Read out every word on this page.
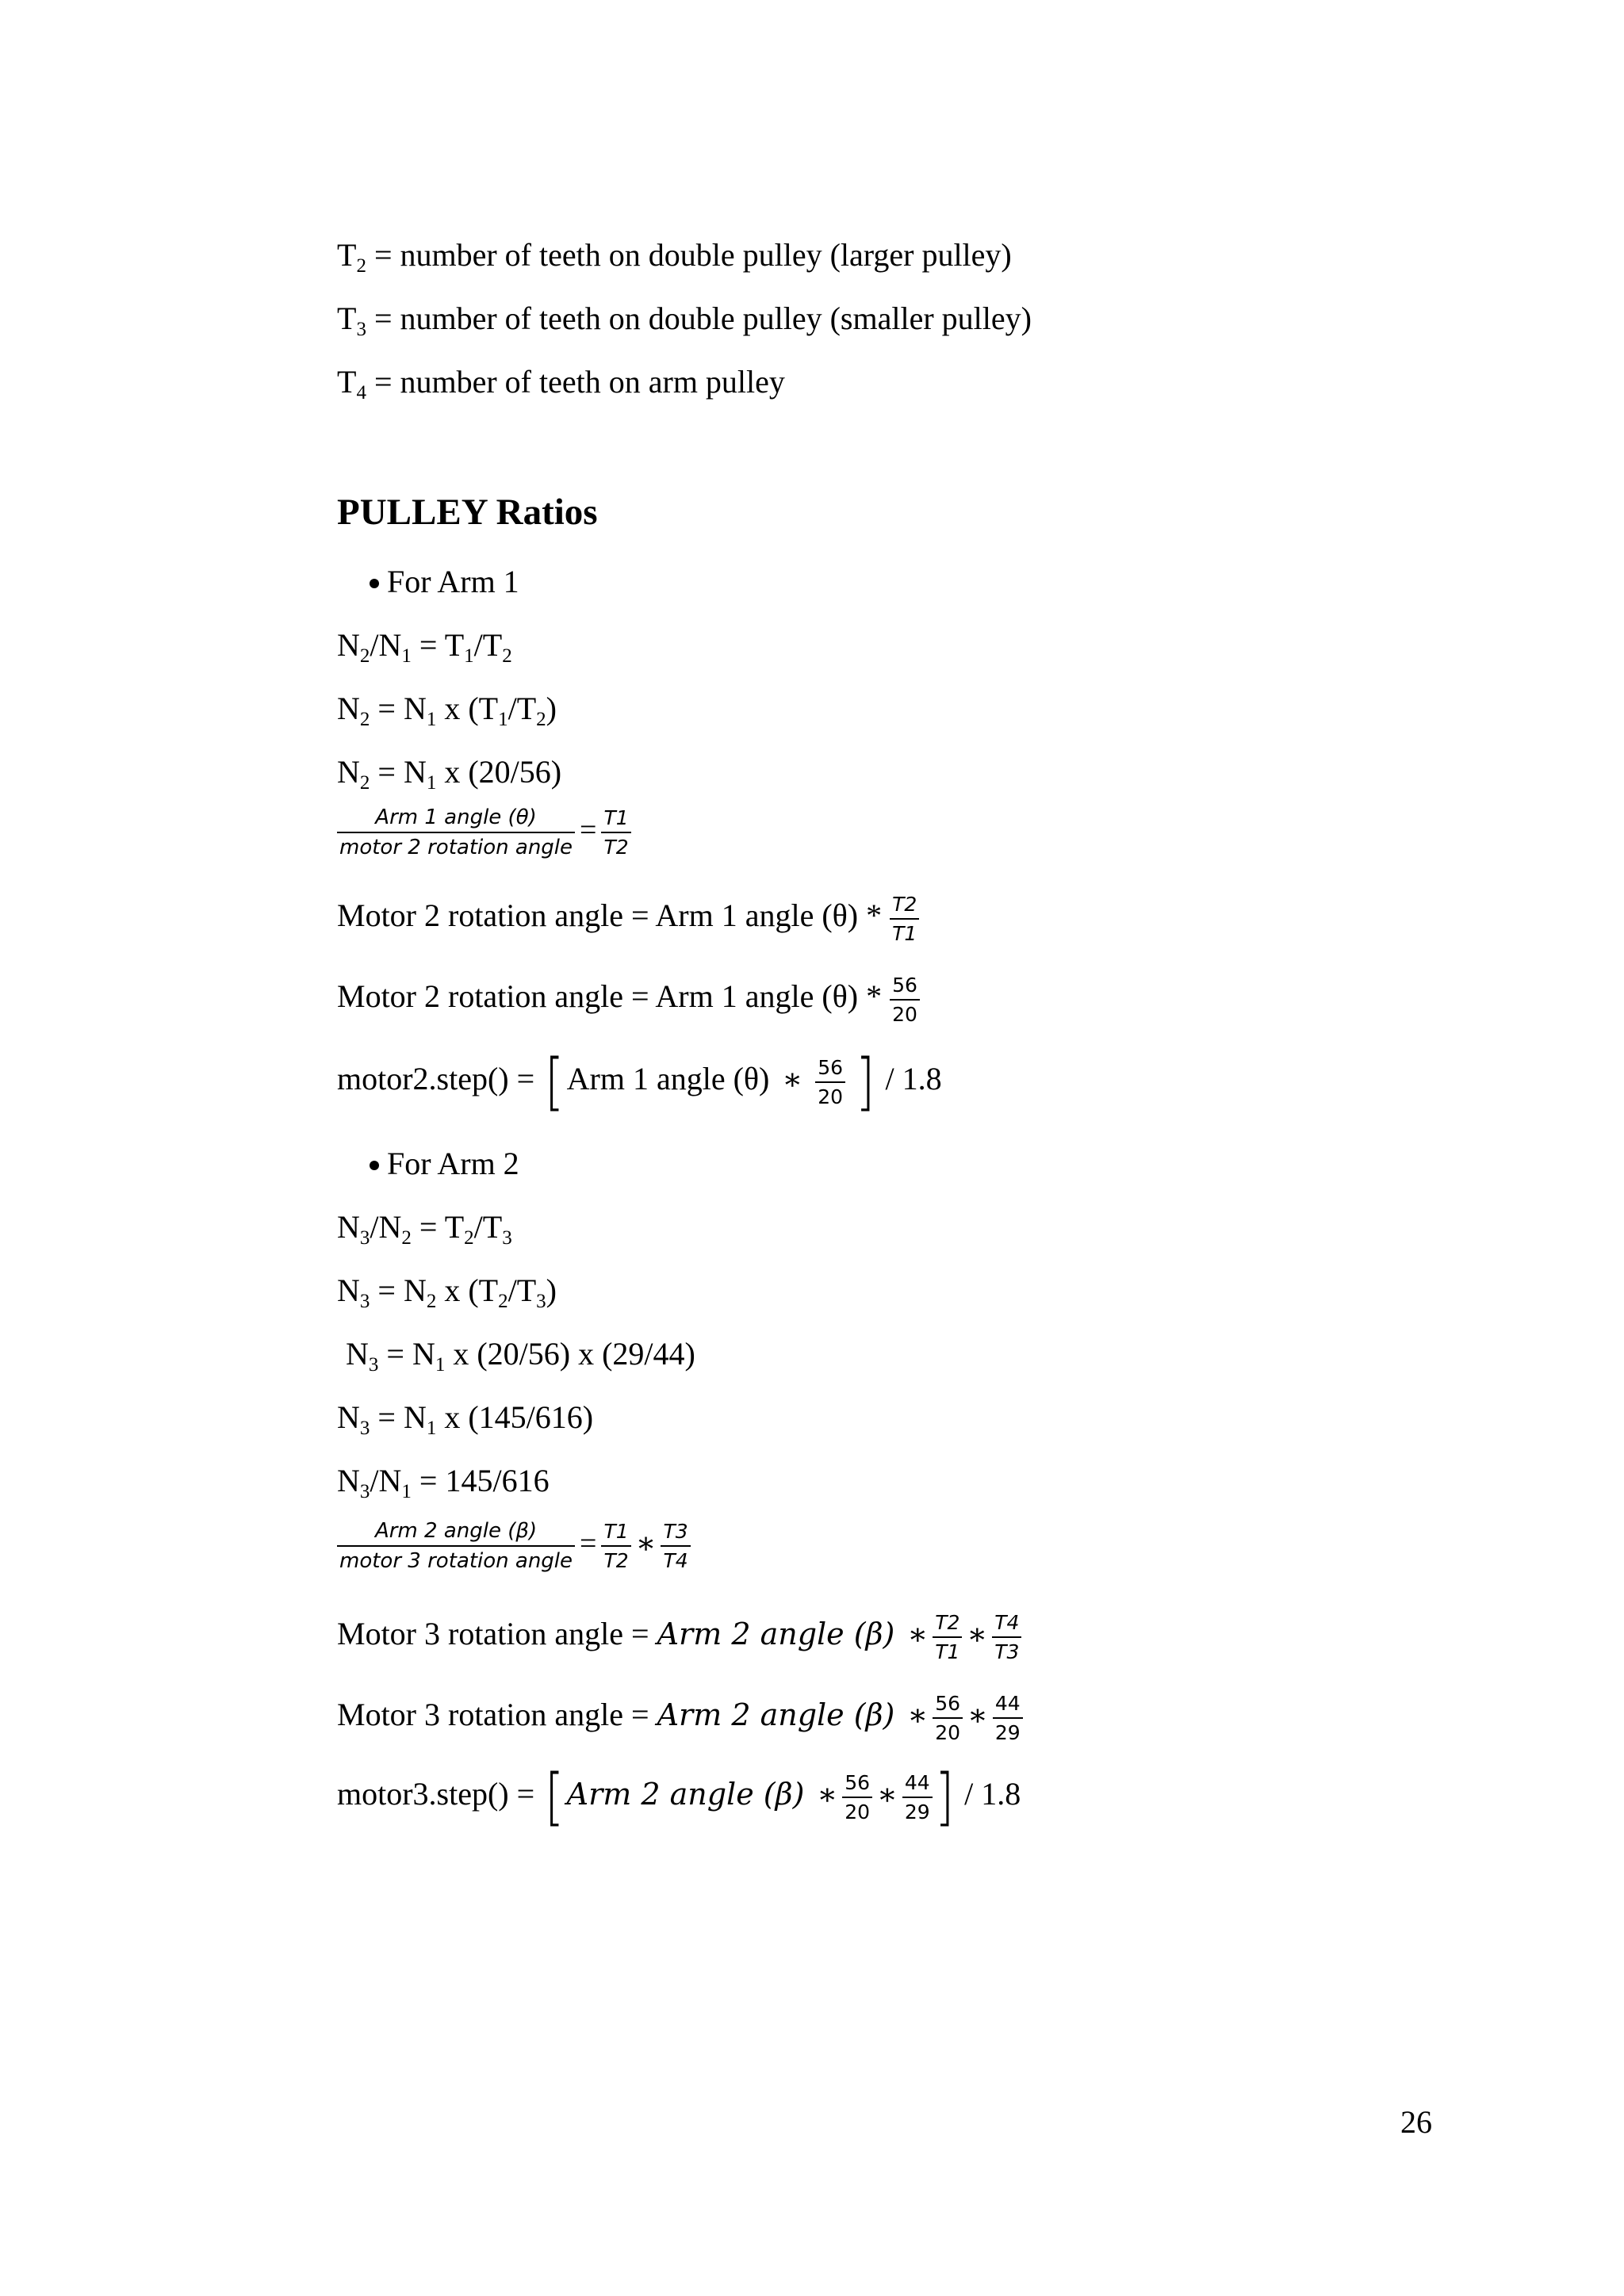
$T_2$ = number of teeth on double pulley (larger pulley)
$T_3$ = number of teeth on double pulley (smaller pulley)
$T_4$ = number of teeth on arm pulley
PULLEY Ratios
For Arm 1
$N_2/N_1 = T_1/T_2$
$N_2 = N_1$ x $(T_1/T_2)$
$N_2 = N_1$ x (20/56)
$\frac{\text{Arm 1 angle (θ)}}{\text{motor 2 rotation angle}} = \frac{T1}{T2}$
Motor 2 rotation angle = Arm 1 angle $(\theta) * \frac{T2}{T1}$
Motor 2 rotation angle = Arm 1 angle $(\theta) * \frac{56}{20}$
motor2.step() = [Arm 1 angle (θ) ∗ $\frac{56}{20}$ ] / 1.8
For Arm 2
$N_3/N_2 = T_2/T_3$
$N_3 = N_2$ x $(T_2/T_3)$
$N_3 = N_1$ x (20/56) x (29/44)
$N_3 = N_1$ x (145/616)
$N_3/N_1 = 145/616$
$\frac{\text{Arm 2 angle (β)}}{\text{motor 3 rotation angle}} = \frac{T1}{T2}$ ∗ $\frac{T3}{T4}$
Motor 3 rotation angle = Arm 2 angle (β) ∗ $\frac{T2}{T1}$ ∗ $\frac{T4}{T3}$
Motor 3 rotation angle = Arm 2 angle (β) ∗ $\frac{56}{20}$ ∗ $\frac{44}{29}$
motor3.step() = [Arm 2 angle (β) ∗ $\frac{56}{20}$ ∗ $\frac{44}{29}$ ] / 1.8
26
